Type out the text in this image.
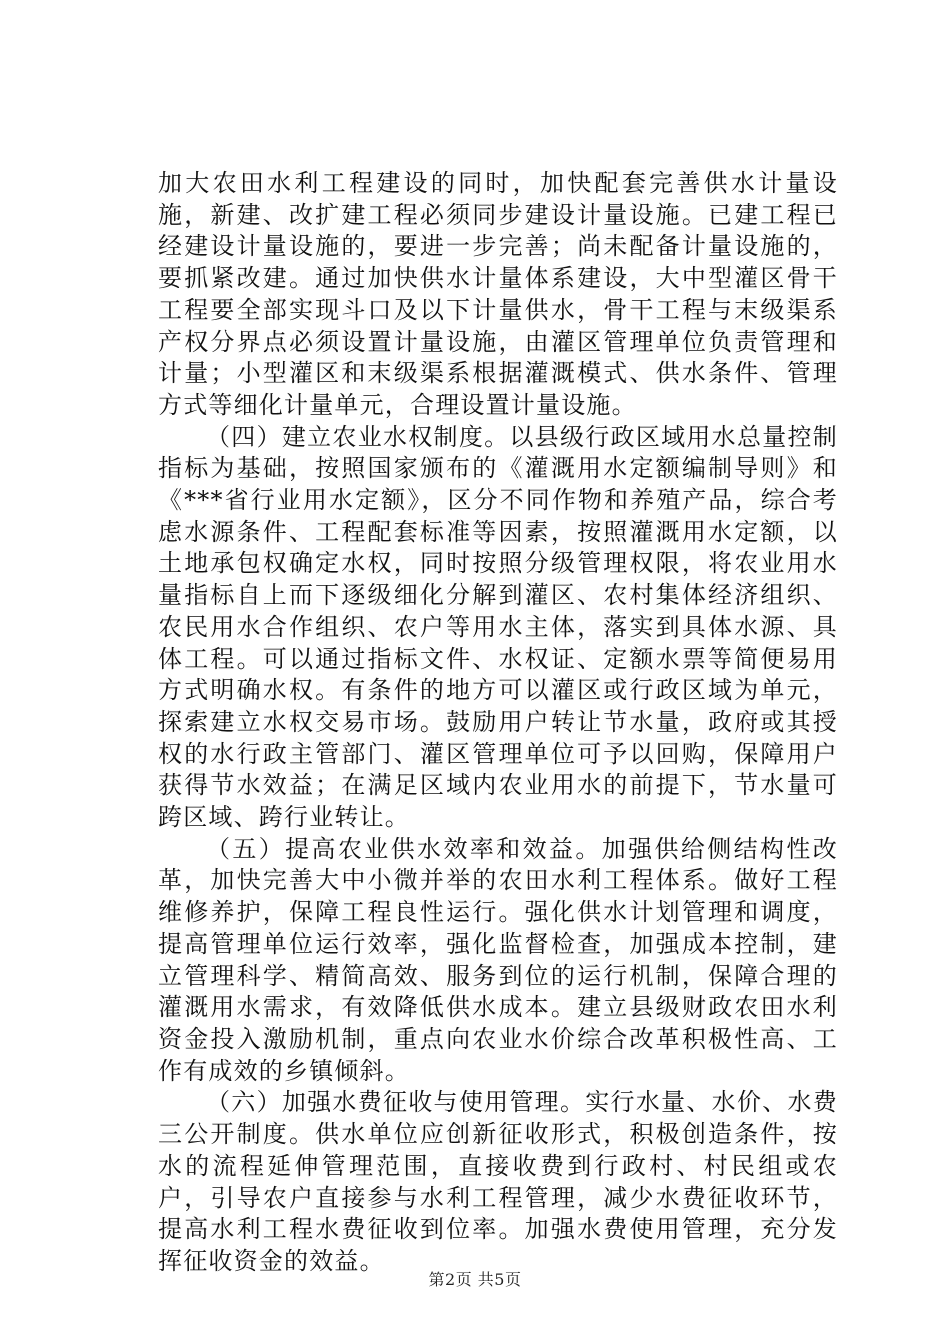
加大农田水利工程建设的同时，加快配套完善供水计量设施，新建、改扩建工程必须同步建设计量设施。已建工程已经建设计量设施的，要进一步完善；尚未配备计量设施的，要抓紧改建。通过加快供水计量体系建设，大中型灌区骨干工程要全部实现斗口及以下计量供水，骨干工程与末级渠系产权分界点必须设置计量设施，由灌区管理单位负责管理和计量；小型灌区和末级渠系根据灌溉模式、供水条件、管理方式等细化计量单元，合理设置计量设施。

（四）建立农业水权制度。以县级行政区域用水总量控制指标为基础，按照国家颁布的《灌溉用水定额编制导则》和《***省行业用水定额》，区分不同作物和养殖产品，综合考虑水源条件、工程配套标准等因素，按照灌溉用水定额，以土地承包权确定水权，同时按照分级管理权限，将农业用水量指标自上而下逐级细化分解到灌区、农村集体经济组织、农民用水合作组织、农户等用水主体，落实到具体水源、具体工程。可以通过指标文件、水权证、定额水票等简便易用方式明确水权。有条件的地方可以灌区或行政区域为单元，探索建立水权交易市场。鼓励用户转让节水量，政府或其授权的水行政主管部门、灌区管理单位可予以回购，保障用户获得节水效益；在满足区域内农业用水的前提下，节水量可跨区域、跨行业转让。

（五）提高农业供水效率和效益。加强供给侧结构性改革，加快完善大中小微并举的农田水利工程体系。做好工程维修养护，保障工程良性运行。强化供水计划管理和调度，提高管理单位运行效率，强化监督检查，加强成本控制，建立管理科学、精简高效、服务到位的运行机制，保障合理的灌溉用水需求，有效降低供水成本。建立县级财政农田水利资金投入激励机制，重点向农业水价综合改革积极性高、工作有成效的乡镇倾斜。

（六）加强水费征收与使用管理。实行水量、水价、水费三公开制度。供水单位应创新征收形式，积极创造条件，按水的流程延伸管理范围，直接收费到行政村、村民组或农户，引导农户直接参与水利工程管理，减少水费征收环节，提高水利工程水费征收到位率。加强水费使用管理，充分发挥征收资金的效益。

第2页 共5页
